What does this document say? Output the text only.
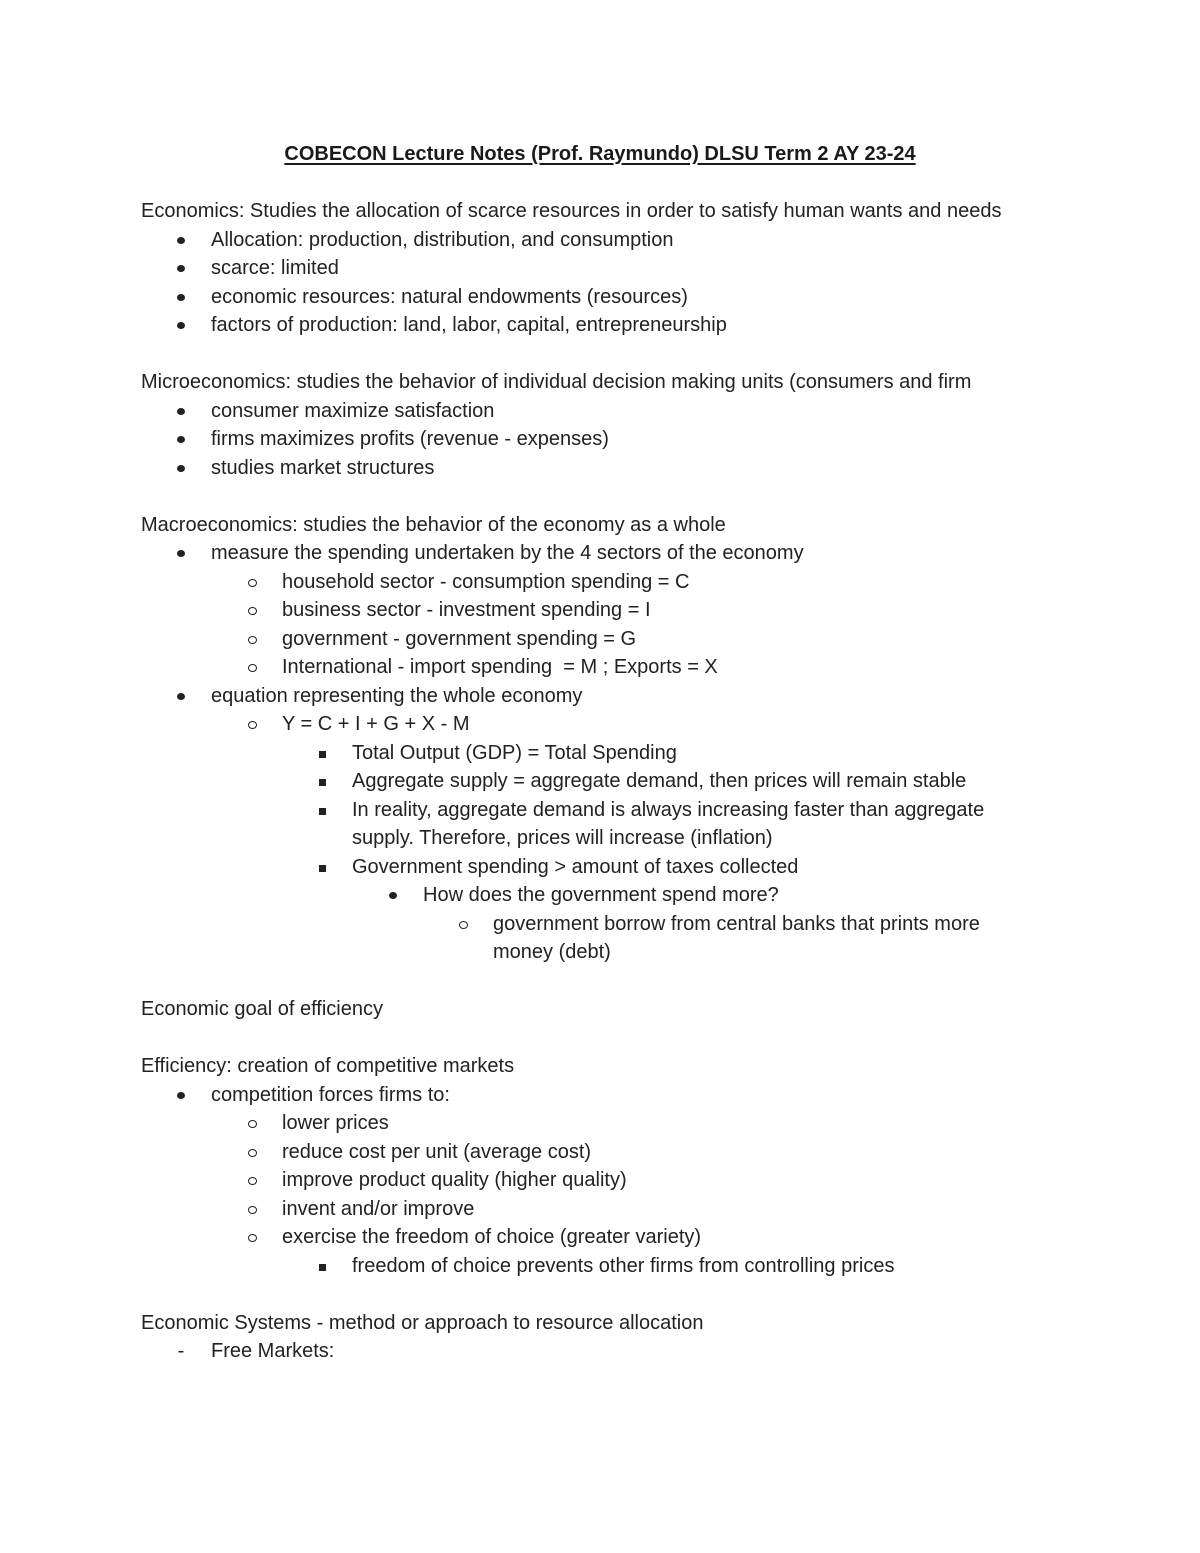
COBECON Lecture Notes (Prof. Raymundo) DLSU Term 2 AY 23-24

Economics: Studies the allocation of scarce resources in order to satisfy human wants and needs

Allocation: production, distribution, and consumption
scarce: limited
economic resources: natural endowments (resources)
factors of production: land, labor, capital, entrepreneurship

Microeconomics: studies the behavior of individual decision making units (consumers and firm

consumer maximize satisfaction
firms maximizes profits (revenue - expenses)
studies market structures

Macroeconomics: studies the behavior of the economy as a whole

measure the spending undertaken by the 4 sectors of the economy
household sector - consumption spending = C
business sector - investment spending = I
government - government spending = G
International - import spending  = M ; Exports = X
equation representing the whole economy
Y = C + I + G + X - M
Total Output (GDP) = Total Spending
Aggregate supply = aggregate demand, then prices will remain stable
In reality, aggregate demand is always increasing faster than aggregate supply. Therefore, prices will increase (inflation)
Government spending > amount of taxes collected
How does the government spend more?
government borrow from central banks that prints more money (debt)

Economic goal of efficiency

Efficiency: creation of competitive markets

competition forces firms to:
lower prices
reduce cost per unit (average cost)
improve product quality (higher quality)
invent and/or improve
exercise the freedom of choice (greater variety)
freedom of choice prevents other firms from controlling prices

Economic Systems - method or approach to resource allocation

-
Free Markets:
